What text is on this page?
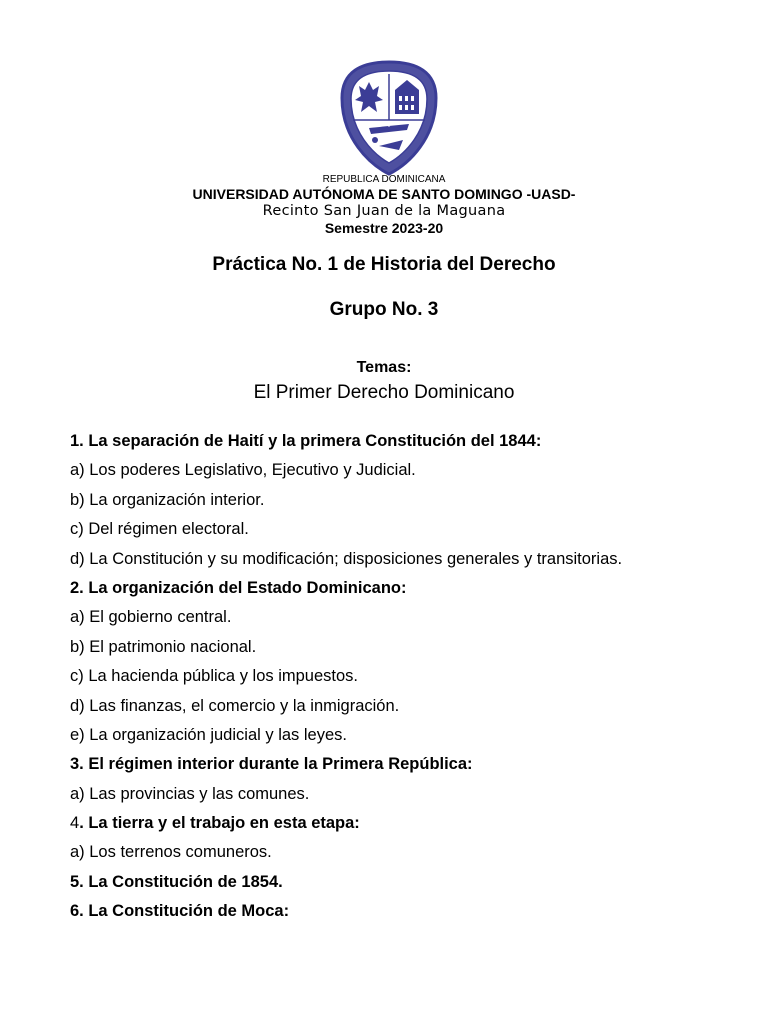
*
REPUBLICA DOMINICANA
UNIVERSIDAD AUTÓNOMA DE SANTO DOMINGO -UASD-
Recinto San Juan de la Maguana
Semestre 2023-20
Práctica No. 1 de Historia del Derecho
Grupo No. 3
Temas:
El Primer Derecho Dominicano
1. La separación de Haití y la primera Constitución del 1844:
a) Los poderes Legislativo, Ejecutivo y Judicial.
b) La organización interior.
c) Del régimen electoral.
d) La Constitución y su modificación; disposiciones generales y transitorias.
2. La organización del Estado Dominicano:
a) El gobierno central.
b) El patrimonio nacional.
c) La hacienda pública y los impuestos.
d) Las finanzas, el comercio y la inmigración.
e) La organización judicial y las leyes.
3. El régimen interior durante la Primera República:
a) Las provincias y las comunes.
4. La tierra y el trabajo en esta etapa:
a) Los terrenos comuneros.
5. La Constitución de 1854.
6. La Constitución de Moca:
